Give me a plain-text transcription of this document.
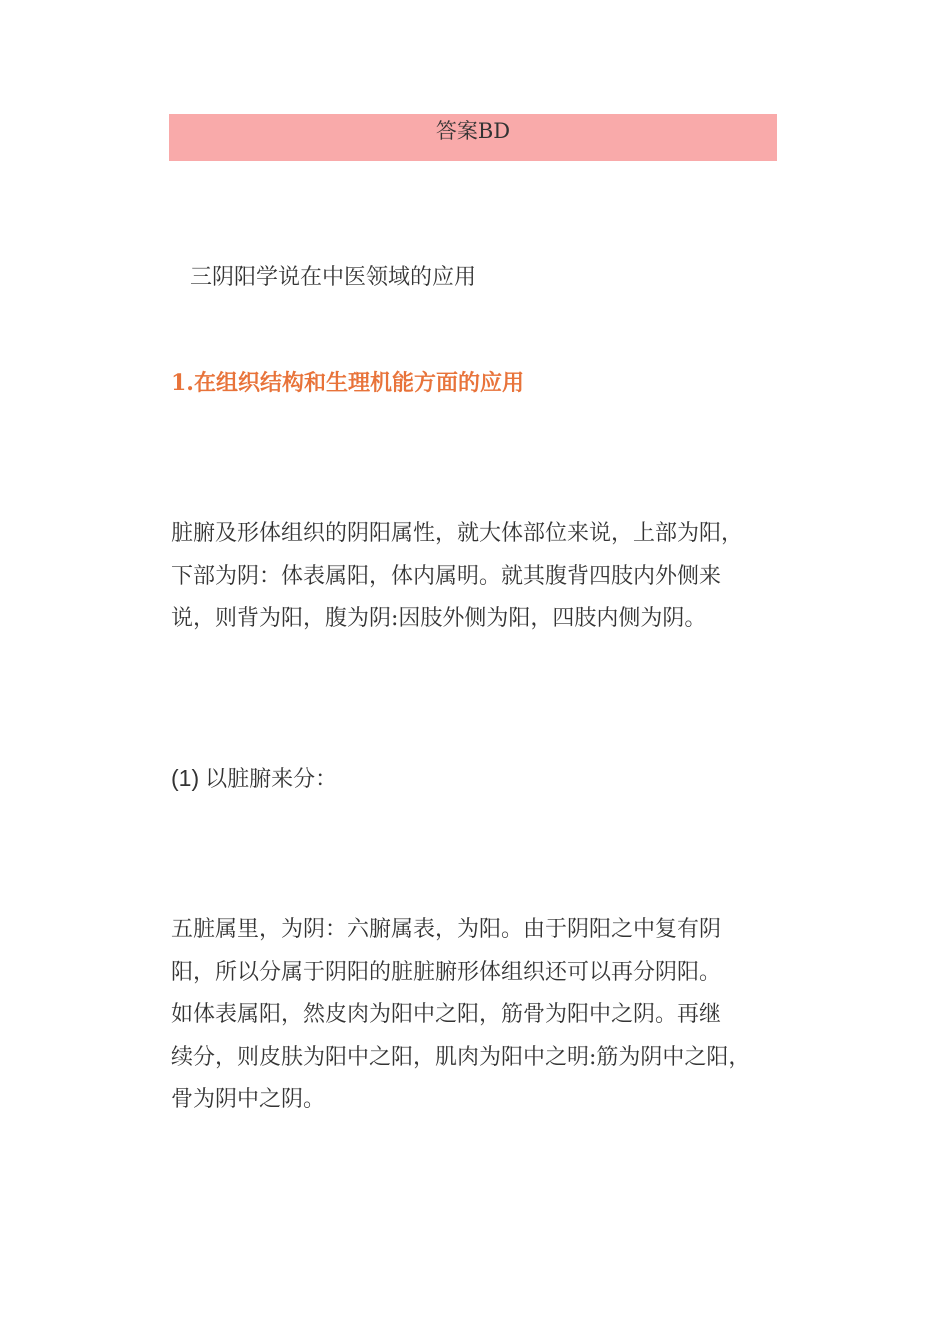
答案BD
三阴阳学说在中医领域的应用
1.在组织结构和生理机能方面的应用
脏腑及形体组织的阴阳属性，就大体部位来说，上部为阳，
下部为阴：体表属阳，体内属明。就其腹背四肢内外侧来
说，则背为阳，腹为阴:因肢外侧为阳，四肢内侧为阴。
(1) 以脏腑来分：
五脏属里，为阴：六腑属表，为阳。由于阴阳之中复有阴
阳，所以分属于阴阳的脏脏腑形体组织还可以再分阴阳。
如体表属阳，然皮肉为阳中之阳，筋骨为阳中之阴。再继
续分，则皮肤为阳中之阳，肌肉为阳中之明:筋为阴中之阳，
骨为阴中之阴。
